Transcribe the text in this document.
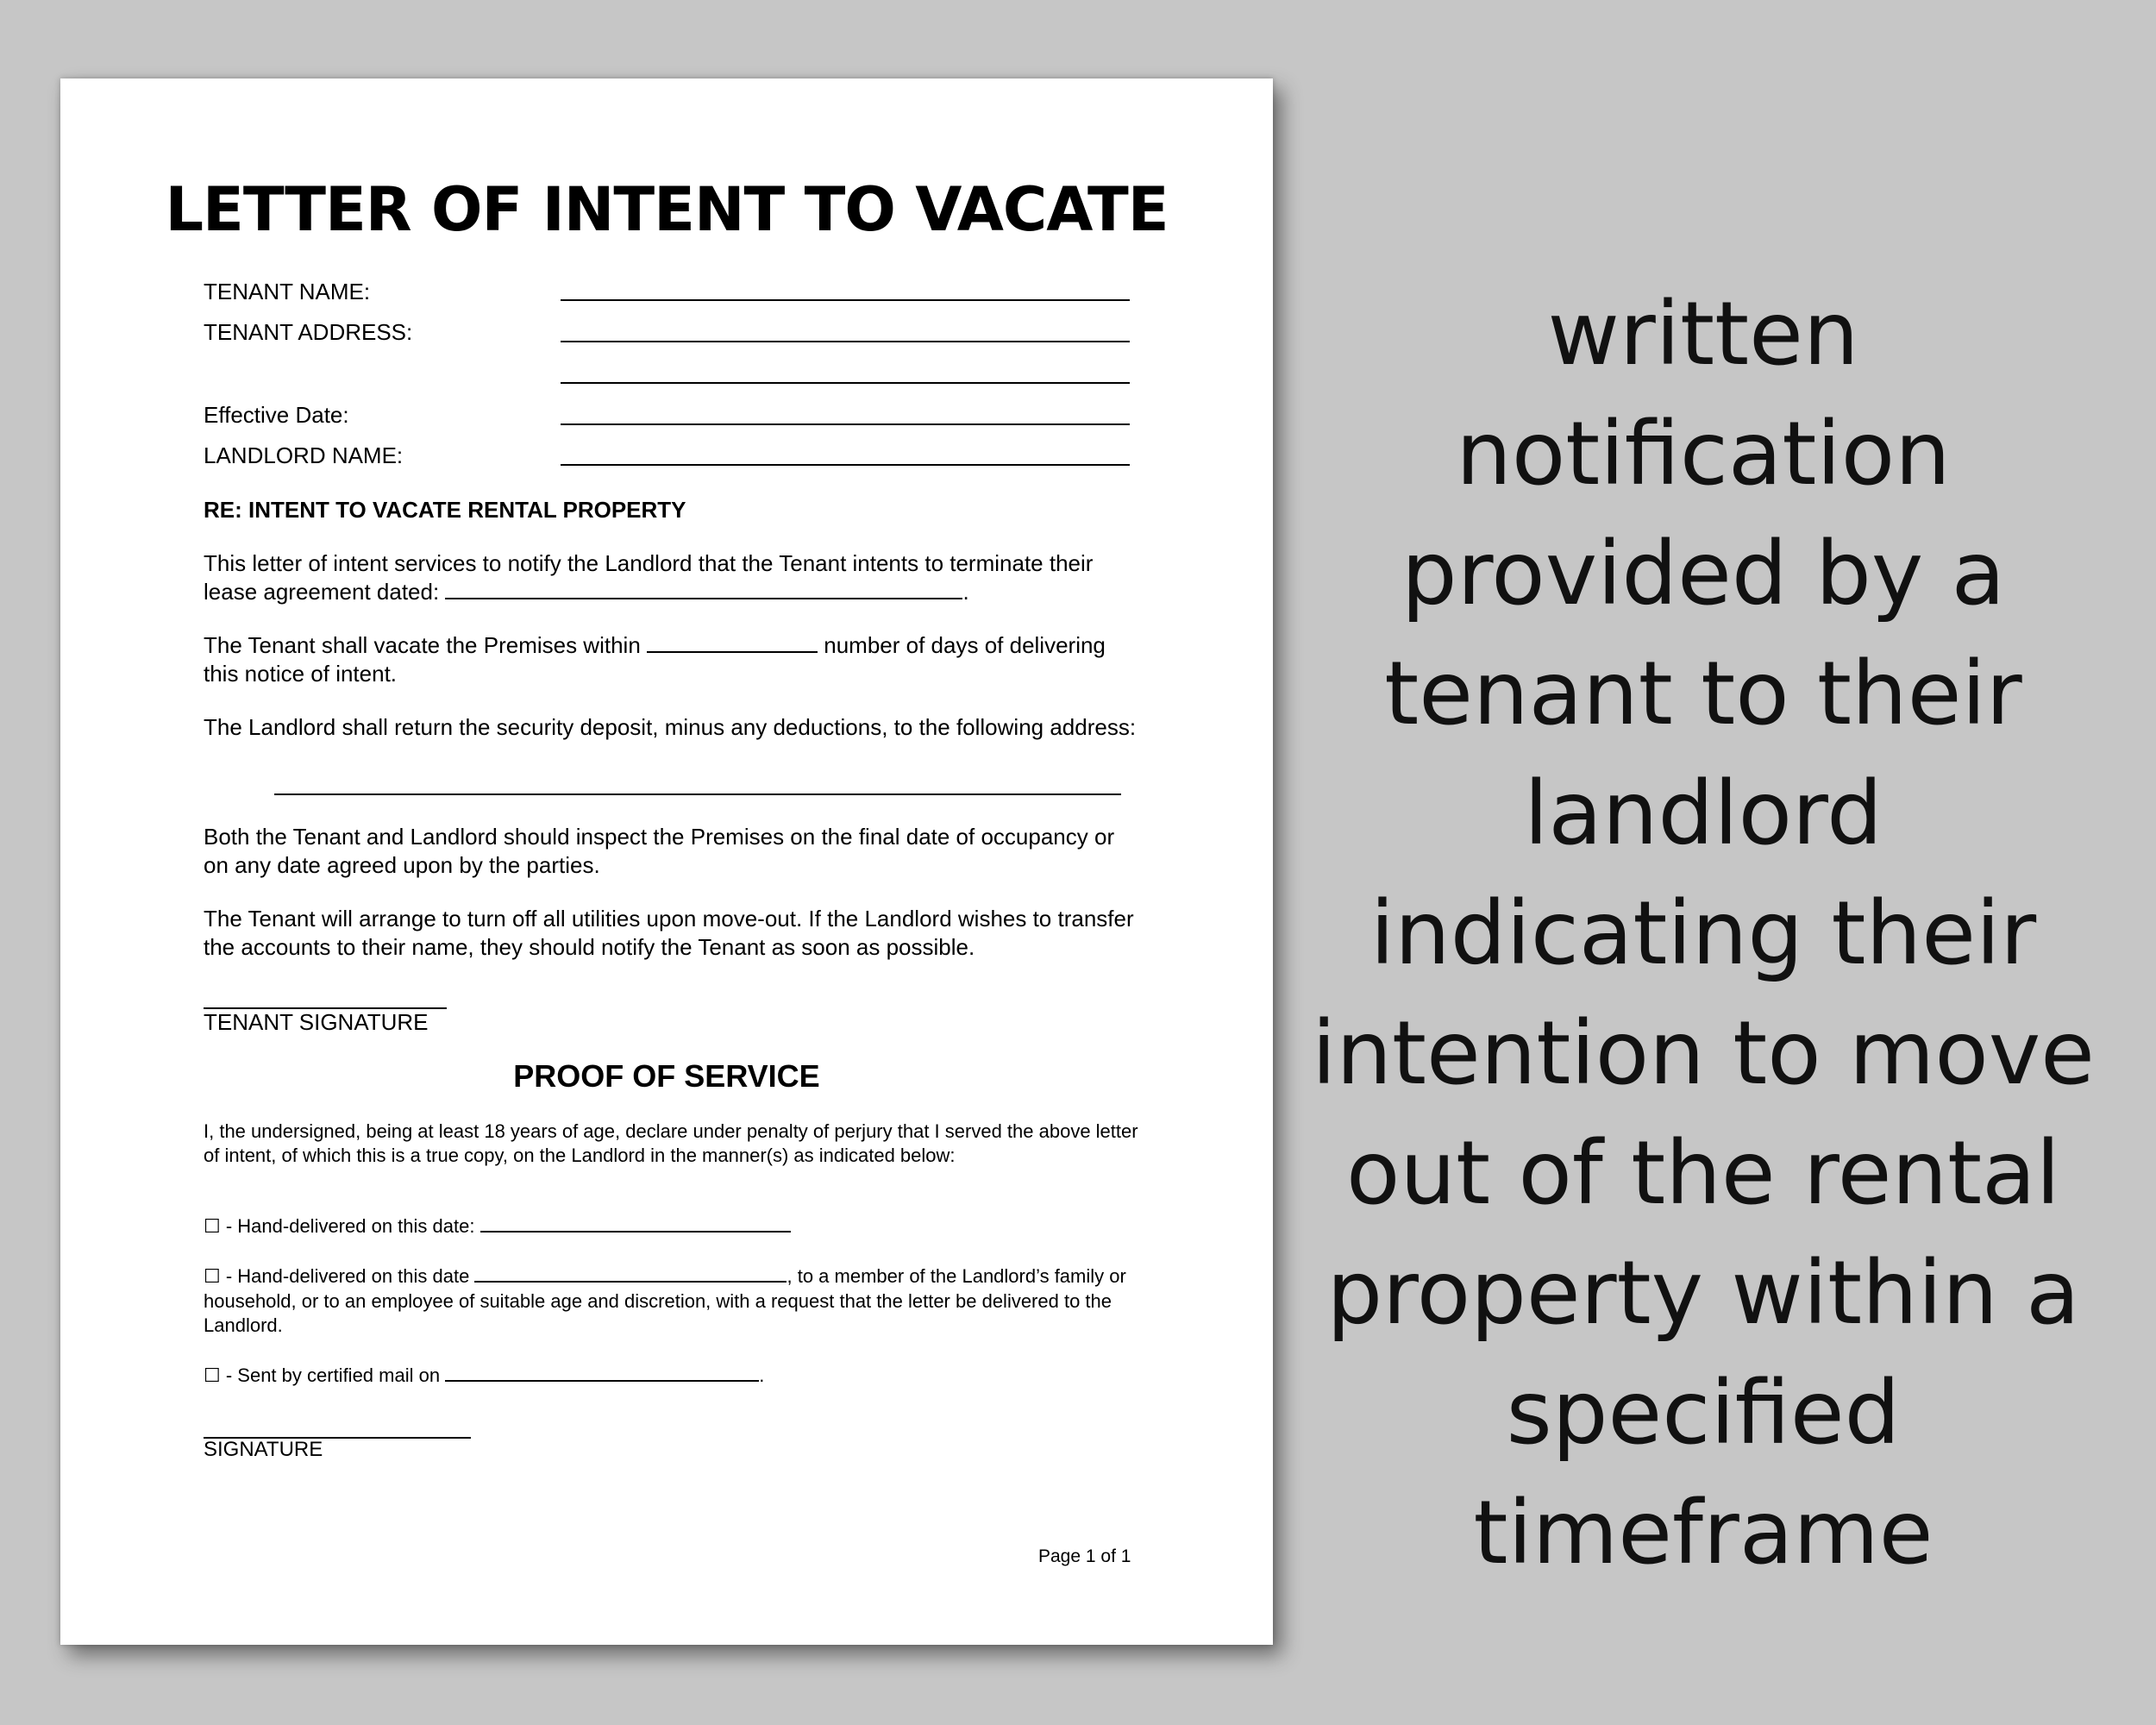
LETTER OF INTENT TO VACATE
TENANT NAME:
TENANT ADDRESS:
Effective Date:
LANDLORD NAME:
RE: INTENT TO VACATE RENTAL PROPERTY
This letter of intent services to notify the Landlord that the Tenant intents to terminate their lease agreement dated:	.
The Tenant shall vacate the Premises within	number of days of delivering this notice of intent.
The Landlord shall return the security deposit, minus any deductions, to the following address:
Both the Tenant and Landlord should inspect the Premises on the final date of occupancy or on any date agreed upon by the parties.
The Tenant will arrange to turn off all utilities upon move-out. If the Landlord wishes to transfer the accounts to their name, they should notify the Tenant as soon as possible.
TENANT SIGNATURE
PROOF OF SERVICE
I, the undersigned, being at least 18 years of age, declare under penalty of perjury that I served the above letter of intent, of which this is a true copy, on the Landlord in the manner(s) as indicated below:
☐ - Hand-delivered on this date:
☐ - Hand-delivered on this date	, to a member of the Landlord’s family or household, or to an employee of suitable age and discretion, with a request that the letter be delivered to the Landlord.
☐ - Sent by certified mail on	.
SIGNATURE
Page 1 of 1
written notification provided by a tenant to their landlord indicating their intention to move out of the rental property within a specified timeframe
